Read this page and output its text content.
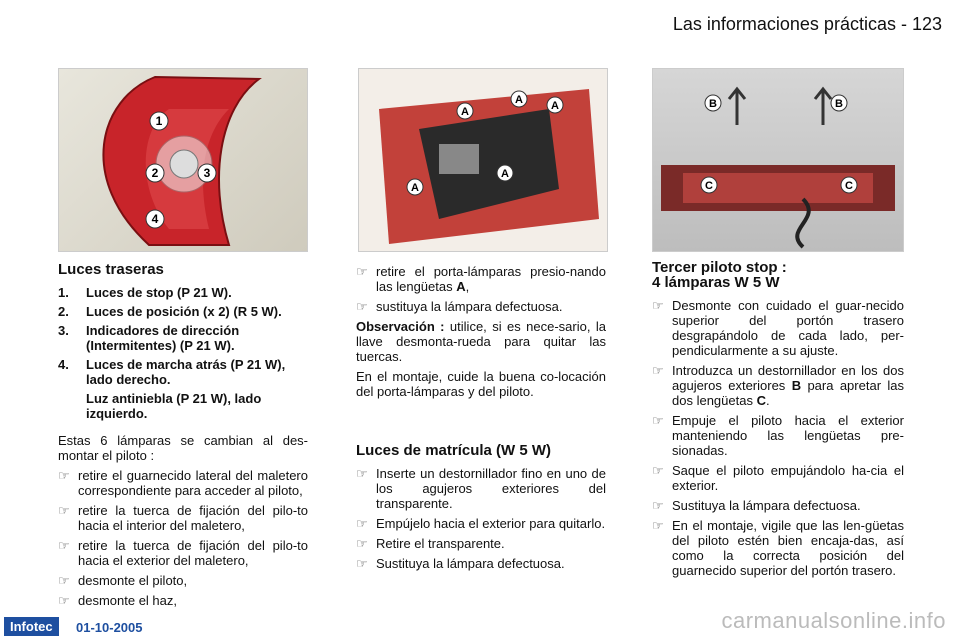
Las informaciones prácticas - 123
1
2	3
4
A
A	A
A
A
B	B
C	C
Luces traseras
1.	Luces de stop (P 21 W).
2.	Luces de posición (x 2) (R 5 W).
3.	Indicadores de dirección (Intermitentes) (P 21 W).
4.	Luces de marcha atrás (P 21 W), lado derecho.
Luz antiniebla (P 21 W), lado izquierdo.

Estas 6 lámparas se cambian al des-montar el piloto :

☞ retire el guarnecido lateral del maletero correspondiente para acceder al piloto,
☞ retire la tuerca de fijación del pilo-to hacia el interior del maletero,
☞ retire la tuerca de fijación del pilo-to hacia el exterior del maletero,
☞ desmonte el piloto,
☞ desmonte el haz,
☞ retire el porta-lámparas presio-nando las lengüetas A,
☞ sustituya la lámpara defectuosa.

Observación : utilice, si es nece-sario, la llave desmonta-rueda para quitar las tuercas.

En el montaje, cuide la buena co-locación del porta-lámparas y del piloto.

Luces de matrícula (W 5 W)
☞ Inserte un destornillador fino en uno de los agujeros exteriores del transparente.
☞ Empújelo hacia el exterior para quitarlo.
☞ Retire el transparente.
☞ Sustituya la lámpara defectuosa.
Tercer piloto stop :
4 lámparas W 5 W
☞ Desmonte con cuidado el guar-necido superior del portón trasero desgrapándolo de cada lado, per-pendicularmente a su ajuste.
☞ Introduzca un destornillador en los dos agujeros exteriores B para apretar las dos lengüetas C.
☞ Empuje el piloto hacia el exterior manteniendo las lengüetas pre-sionadas.
☞ Saque el piloto empujándolo ha-cia el exterior.
☞ Sustituya la lámpara defectuosa.
☞ En el montaje, vigile que las len-güetas del piloto estén bien encaja-das, así como la correcta posición del guarnecido superior del portón trasero.
Infotec	01-10-2005	carmanualsonline.info
